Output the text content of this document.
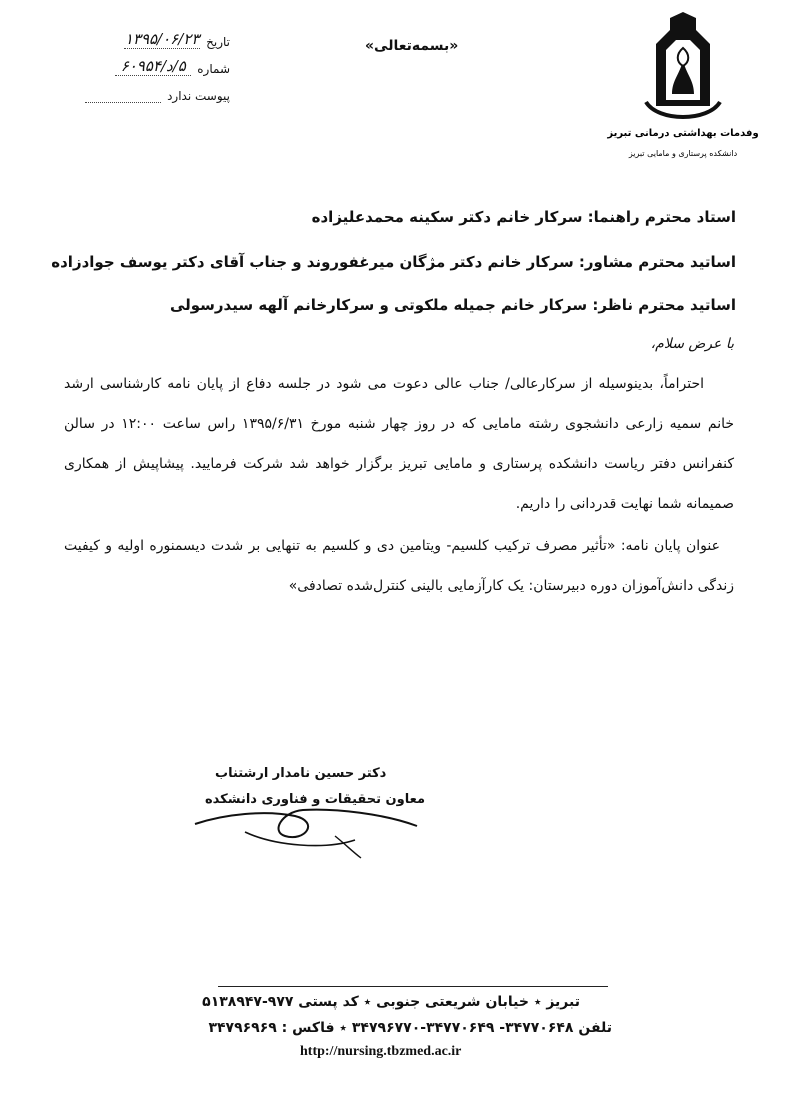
وفدمات بهداشتی درمانی تبریز
دانشکده پرستاری و مامایی تبریز
«بسمه‌تعالی»
تاریخ
۱۳۹۵/۰۶/۲۳
شماره
۵/د/۶۰۹۵۴
پیوست ندارد

استاد محترم راهنما: سرکار خانم دکتر سکینه محمدعلیزاده
اساتید محترم مشاور: سرکار خانم دکتر مژگان میرغفوروند و جناب آقای دکتر یوسف جوادزاده
اساتید محترم ناظر: سرکار خانم جمیله ملکوتی و سرکارخانم آلهه سیدرسولی
با عرض سلام،
احتراماً، بدینوسیله از سرکارعالی/ جناب عالی دعوت می شود در جلسه دفاع از پایان نامه کارشناسی ارشد خانم سمیه زارعی دانشجوی رشته مامایی که در روز چهار شنبه مورخ ۱۳۹۵/۶/۳۱ راس ساعت ۱۲:۰۰ در سالن کنفرانس دفتر ریاست دانشکده پرستاری و مامایی تبریز برگزار خواهد شد شرکت فرمایید. پیشاپیش از همکاری صمیمانه شما نهایت قدردانی را داریم.
عنوان پایان نامه: «تأثیر مصرف ترکیب کلسیم- ویتامین دی و کلسیم به تنهایی بر شدت دیسمنوره اولیه و کیفیت زندگی دانش‌آموزان دوره دبیرستان: یک کارآزمایی بالینی کنترل‌شده تصادفی»
دکتر حسین نامدار ارشتناب
معاون تحقیقات و فناوری دانشکده
تبریز ٭ خیابان شریعتی جنوبی ٭ کد پستی ۹۷۷-۵۱۳۸۹۴۷
تلفن ۳۴۷۷۰۶۴۸- ۳۴۷۷۰۶۴۹-۳۴۷۹۶۷۷۰ ٭ فاکس : ۳۴۷۹۶۹۶۹
http://nursing.tbzmed.ac.ir
